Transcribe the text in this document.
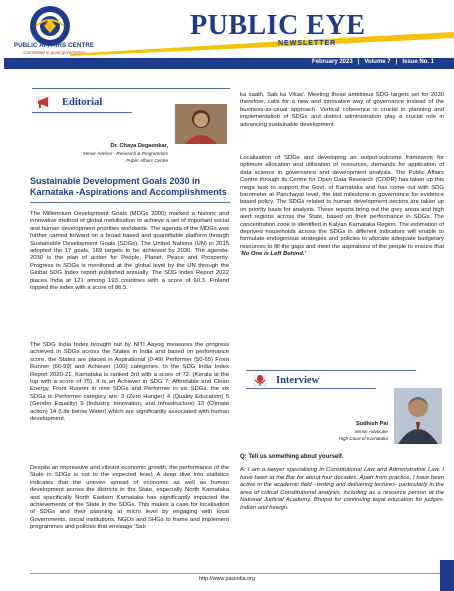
PUBLIC AFFAIRS CENTRE
Committed to good governance
PUBLIC EYE
NEWSLETTER
February 2023 | Volume 7 | Issue No. 1
Editorial
Dr. Chaya Degaonkar,
Senior Advisor - Research & Programmes
Public Affairs Centre
Sustainable Development Goals 2030 in Karnataka -Aspirations and Accomplishments
The Millennium Development Goals (MDGs 2000) marked a historic and innovative method of global mobilisation to achieve a set of important social and human development priorities worldwide. The agenda of the MDGs was further carried forward on a broad based and quantifiable platform through Sustainable Development Goals (SDGs). The United Nations (UN) in 2015 adopted the 17 goals, 169 targets to be achieved by 2030. The agenda-2030 is the plan of action for People, Planet, Peace and Prosperity. Progress in SDGs is monitored at the global level by the UN through the Global SDG Index report published annually. The SDG Index Report 2022 places India at 121 among 193 countries with a score of 60.3. Finland topped the index with a score of 86.5.
The SDG India Index brought out by NITI Aayog measures the progress achieved in SDGs across the States in India and based on performance score, the States are placed in Aspirational (0-49) Performer (50-65) Front Runner (66-99) and Achiever (100) categories. In the SDG India Index Report 2020-21, Karnataka is ranked 3rd with a score of 72. (Kerala at the top with a score of 75). It is an Achiever in SDG 7: Affordable and Clean Energy, Front Runner in nine SDGs and Performer in six SDGs, the six SDGs in Performer category are: 2 (Zero Hunger) 4 (Quality Education) 5 (Gender Equality) 9 (Industry, Innovation, and Infrastructure) 13 (Climate action) 14 (Life below Water) which are significantly associated with human development.
Despite an impressive and vibrant economic growth, the performance of the State in SDGs is not to the expected level. A deep dive into statistics indicates that the uneven spread of economic as well as human development across the districts in the State, especially North Karnataka and specifically North Eastern Karnataka has significantly impacted the achievements of the State in the SDGs. This makes a case for localisation of SDGs and their planning at micro level by engaging with local Governments, social institutions, NGOs and SHGs to frame and implement programmes and policies that envisage 'Sab
ka saath, Sab ka Vikas'. Meeting these ambitious SDG targets set for 2030 therefore, calls for a new and innovative way of governance instead of the business-as-usual approach. Vertical coherence is crucial in planning and implementation of SDGs and district administration play a crucial role in advancing sustainable development.
Localisation of SDGs and developing an output-outcome framework for optimum allocation and utilisation of resources, demands for application of data science in governance and development analysis. The Public Affairs Centre through its Centre for Open Data Research (CODR) has taken up this mega task to support the Govt. of Karnataka and has come out with SDG barometer at Panchayat level, the last milestone in governance for evidence based policy. The SDGs related to human development sectors are taken up on priority basis for analysis. These reports bring out the grey areas and high alert regions across the State, based on their performance in SDGs. The concentration zone is identified in Kalyan Karnataka Region. The estimation of deprived households across the SDGs in different indicators will enable to formulate endogenous strategies and policies to allocate adequate budgetary resources to fill the gaps and meet the aspirations of the people to ensure that 'No One is Left Behind.'
Interview
Sudhish Pai
Senior Advocate
High Court of Karnataka
Q: Tell us something about yourself.
A: I am a lawyer specialising in Constitutional Law and Administrative Law, I have been at the Bar for about four decades. Apart from practice, I have been active in the academic field –writing and delivering lectures- particularly in the area of critical Constitutional analysis, including as a resource person at the National Judicial Academy, Bhopal for continuing legal education for judges-Indian and foreign.
http://www.pacindia.org
